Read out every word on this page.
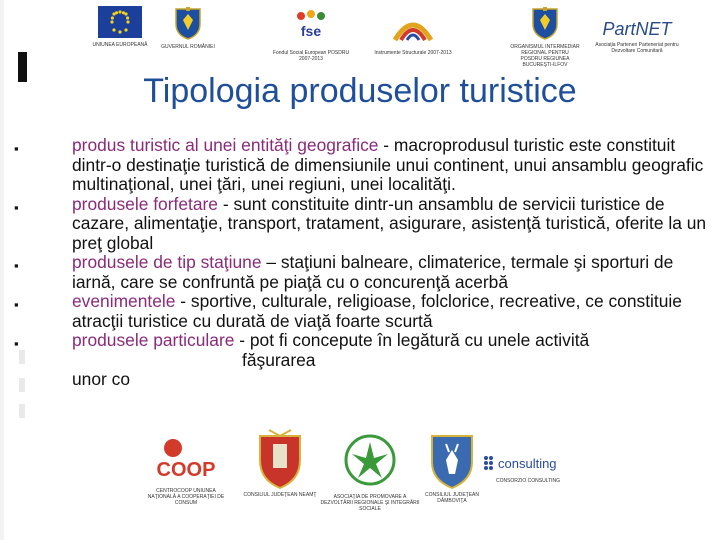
UNIUNEA EUROPEANĂ	GUVERNUL ROMÂNIEI
fse
Fondul Social European POSDRU 2007-2013
Instrumente Structurale 2007-2013
ORGANISMUL INTERMEDIAR REGIONAL PENTRU POSDRU REGIUNEA BUCUREŞTI-ILFOV
PartNET
Asociaţia Parteneri Parteneriat pentru Dezvoltare Comunitară
Tipologia produselor turistice
▪	produs turistic al unei entităţi geografice - macroprodusul turistic este constituit dintr-o destinaţie turistică de dimensiunile unui continent, unui ansamblu geografic multinaţional, unei ţări, unei regiuni, unei localităţi.
▪	produsele forfetare - sunt constituite dintr-un ansamblu de servicii turistice de cazare, alimentaţie, transport, tratament, asigurare, asistenţă turistică, oferite la un preţ global
▪	produsele de tip staţiune – staţiuni balneare, climaterice, termale şi sporturi de iarnă, care se confruntă pe piaţă cu o concurenţă acerbă
▪	evenimentele - sportive, culturale, religioase, folclorice, recreative, ce constituie atracţii turistice cu durată de viaţă foarte scurtă
▪	produsele particulare - pot fi concepute în legătură cu unele activităfăşurarea
unor co
COOP
CENTROCOOP UNIUNEA NAŢIONALĂ A COOPERAŢIEI DE CONSUM
CONSILIUL JUDEŢEAN NEAMŢ	ASOCIAŢIA DE PROMOVARE A DEZVOLTĂRII REGIONALE ŞI INTEGRĂRII SOCIALE
CONSILIUL JUDEŢEAN DÂMBOVIŢA
consulting
CONSORZIO CONSULTING
